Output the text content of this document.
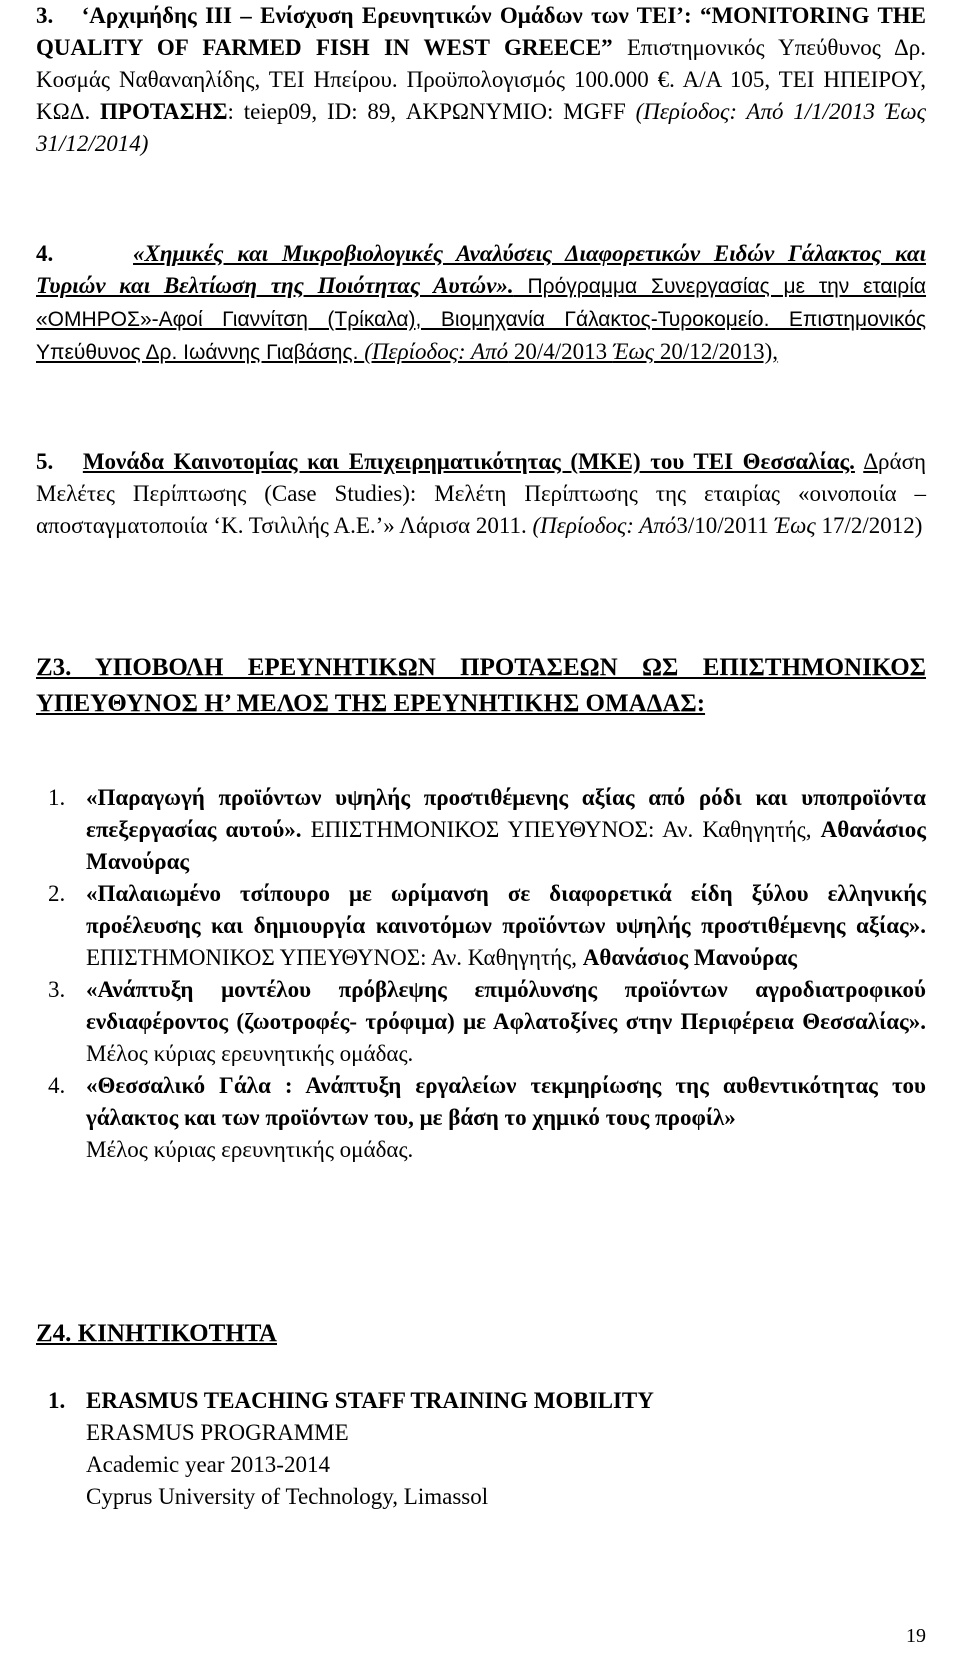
3. ‘Αρχιμήδης ΙΙΙ – Ενίσχυση Ερευνητικών Ομάδων των ΤΕΙ’: “MONITORING THE QUALITY OF FARMED FISH IN WEST GREECE” Επιστημονικός Υπεύθυνος Δρ. Κοσμάς Ναθαναηλίδης, ΤΕΙ Ηπείρου. Προϋπολογισμός 100.000 €. Α/Α 105, ΤΕΙ ΗΠΕΙΡΟΥ, ΚΩΔ. ΠΡΟΤΑΣΗΣ: teiep09, ID: 89, ΑΚΡΩΝΥΜΙΟ: MGFF (Περίοδος: Από 1/1/2013 Έως 31/12/2014)
4.	«Χημικές και Μικροβιολογικές Αναλύσεις Διαφορετικών Ειδών Γάλακτος και Τυριών και Βελτίωση της Ποιότητας Αυτών». Πρόγραμμα Συνεργασίας με την εταιρία «ΟΜΗΡΟΣ»-Αφοί Γιαννίτση (Τρίκαλα), Βιομηχανία Γάλακτος-Τυροκομείο. Επιστημονικός Υπεύθυνος Δρ. Ιωάννης Γιαβάσης. (Περίοδος: Από 20/4/2013 Έως 20/12/2013),
5. Μονάδα Καινοτομίας και Επιχειρηματικότητας (ΜΚΕ) του ΤΕΙ Θεσσαλίας. Δράση Μελέτες Περίπτωσης (Case Studies): Μελέτη Περίπτωσης της εταιρίας «οινοποιία – αποσταγματοποιία ‘Κ. Τσιλιλής Α.Ε.’» Λάρισα 2011. (Περίοδος: Από3/10/2011 Έως 17/2/2012)
Ζ3. ΥΠΟΒΟΛΗ ΕΡΕΥΝΗΤΙΚΩΝ ΠΡΟΤΑΣΕΩΝ ΩΣ ΕΠΙΣΤΗΜΟΝΙΚΟΣ ΥΠΕΥΘΥΝΟΣ Η’ ΜΕΛΟΣ ΤΗΣ ΕΡΕΥΝΗΤΙΚΗΣ ΟΜΑΔΑΣ:
1. «Παραγωγή προϊόντων υψηλής προστιθέμενης αξίας από ρόδι και υποπροϊόντα επεξεργασίας αυτού». ΕΠΙΣΤΗΜΟΝΙΚΟΣ ΥΠΕΥΘΥΝΟΣ: Αν. Καθηγητής, Αθανάσιος Μανούρας
2. «Παλαιωμένο τσίπουρο με ωρίμανση σε διαφορετικά είδη ξύλου ελληνικής προέλευσης και δημιουργία καινοτόμων προϊόντων υψηλής προστιθέμενης αξίας». ΕΠΙΣΤΗΜΟΝΙΚΟΣ ΥΠΕΥΘΥΝΟΣ: Αν. Καθηγητής, Αθανάσιος Μανούρας
3. «Ανάπτυξη μοντέλου πρόβλεψης επιμόλυνσης προϊόντων αγροδιατροφικού ενδιαφέροντος (ζωοτροφές- τρόφιμα) με Αφλατοξίνες στην Περιφέρεια Θεσσαλίας». Μέλος κύριας ερευνητικής ομάδας.
4. «Θεσσαλικό Γάλα : Ανάπτυξη εργαλείων τεκμηρίωσης της αυθεντικότητας του γάλακτος και των προϊόντων του, με βάση το χημικό τους προφίλ»
Μέλος κύριας ερευνητικής ομάδας.
Ζ4. ΚΙΝΗΤΙΚΟΤΗΤΑ
1. ERASMUS TEACHING STAFF TRAINING MOBILITY
ERASMUS PROGRAMME
Academic year 2013-2014
Cyprus University of Technology, Limassol
19
